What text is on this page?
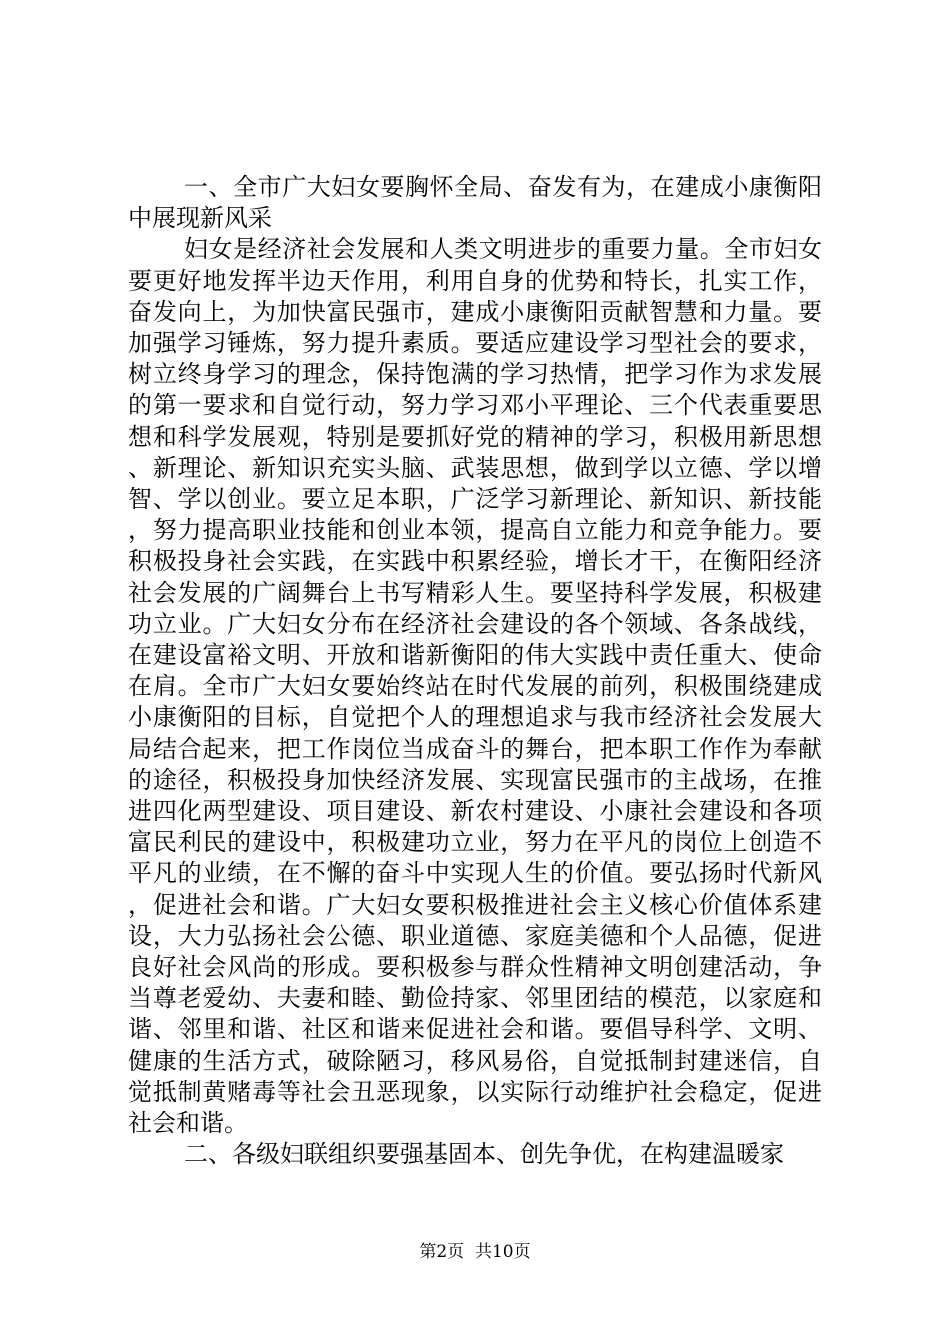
一、全市广大妇女要胸怀全局、奋发有为，在建成小康衡阳中展现新风采

妇女是经济社会发展和人类文明进步的重要力量。全市妇女要更好地发挥半边天作用，利用自身的优势和特长，扎实工作，奋发向上，为加快富民强市，建成小康衡阳贡献智慧和力量。要加强学习锤炼，努力提升素质。要适应建设学习型社会的要求，树立终身学习的理念，保持饱满的学习热情，把学习作为求发展的第一要求和自觉行动，努力学习邓小平理论、三个代表重要思想和科学发展观，特别是要抓好党的精神的学习，积极用新思想、新理论、新知识充实头脑、武装思想，做到学以立德、学以增智、学以创业。要立足本职，广泛学习新理论、新知识、新技能，努力提高职业技能和创业本领，提高自立能力和竞争能力。要积极投身社会实践，在实践中积累经验，增长才干，在衡阳经济社会发展的广阔舞台上书写精彩人生。要坚持科学发展，积极建功立业。广大妇女分布在经济社会建设的各个领域、各条战线，在建设富裕文明、开放和谐新衡阳的伟大实践中责任重大、使命在肩。全市广大妇女要始终站在时代发展的前列，积极围绕建成小康衡阳的目标，自觉把个人的理想追求与我市经济社会发展大局结合起来，把工作岗位当成奋斗的舞台，把本职工作作为奉献的途径，积极投身加快经济发展、实现富民强市的主战场，在推进四化两型建设、项目建设、新农村建设、小康社会建设和各项富民利民的建设中，积极建功立业，努力在平凡的岗位上创造不平凡的业绩，在不懈的奋斗中实现人生的价值。要弘扬时代新风，促进社会和谐。广大妇女要积极推进社会主义核心价值体系建设，大力弘扬社会公德、职业道德、家庭美德和个人品德，促进良好社会风尚的形成。要积极参与群众性精神文明创建活动，争当尊老爱幼、夫妻和睦、勤俭持家、邻里团结的模范，以家庭和谐、邻里和谐、社区和谐来促进社会和谐。要倡导科学、文明、健康的生活方式，破除陋习，移风易俗，自觉抵制封建迷信，自觉抵制黄赌毒等社会丑恶现象，以实际行动维护社会稳定，促进社会和谐。

二、各级妇联组织要强基固本、创先争优，在构建温暖家

第2页  共10页
